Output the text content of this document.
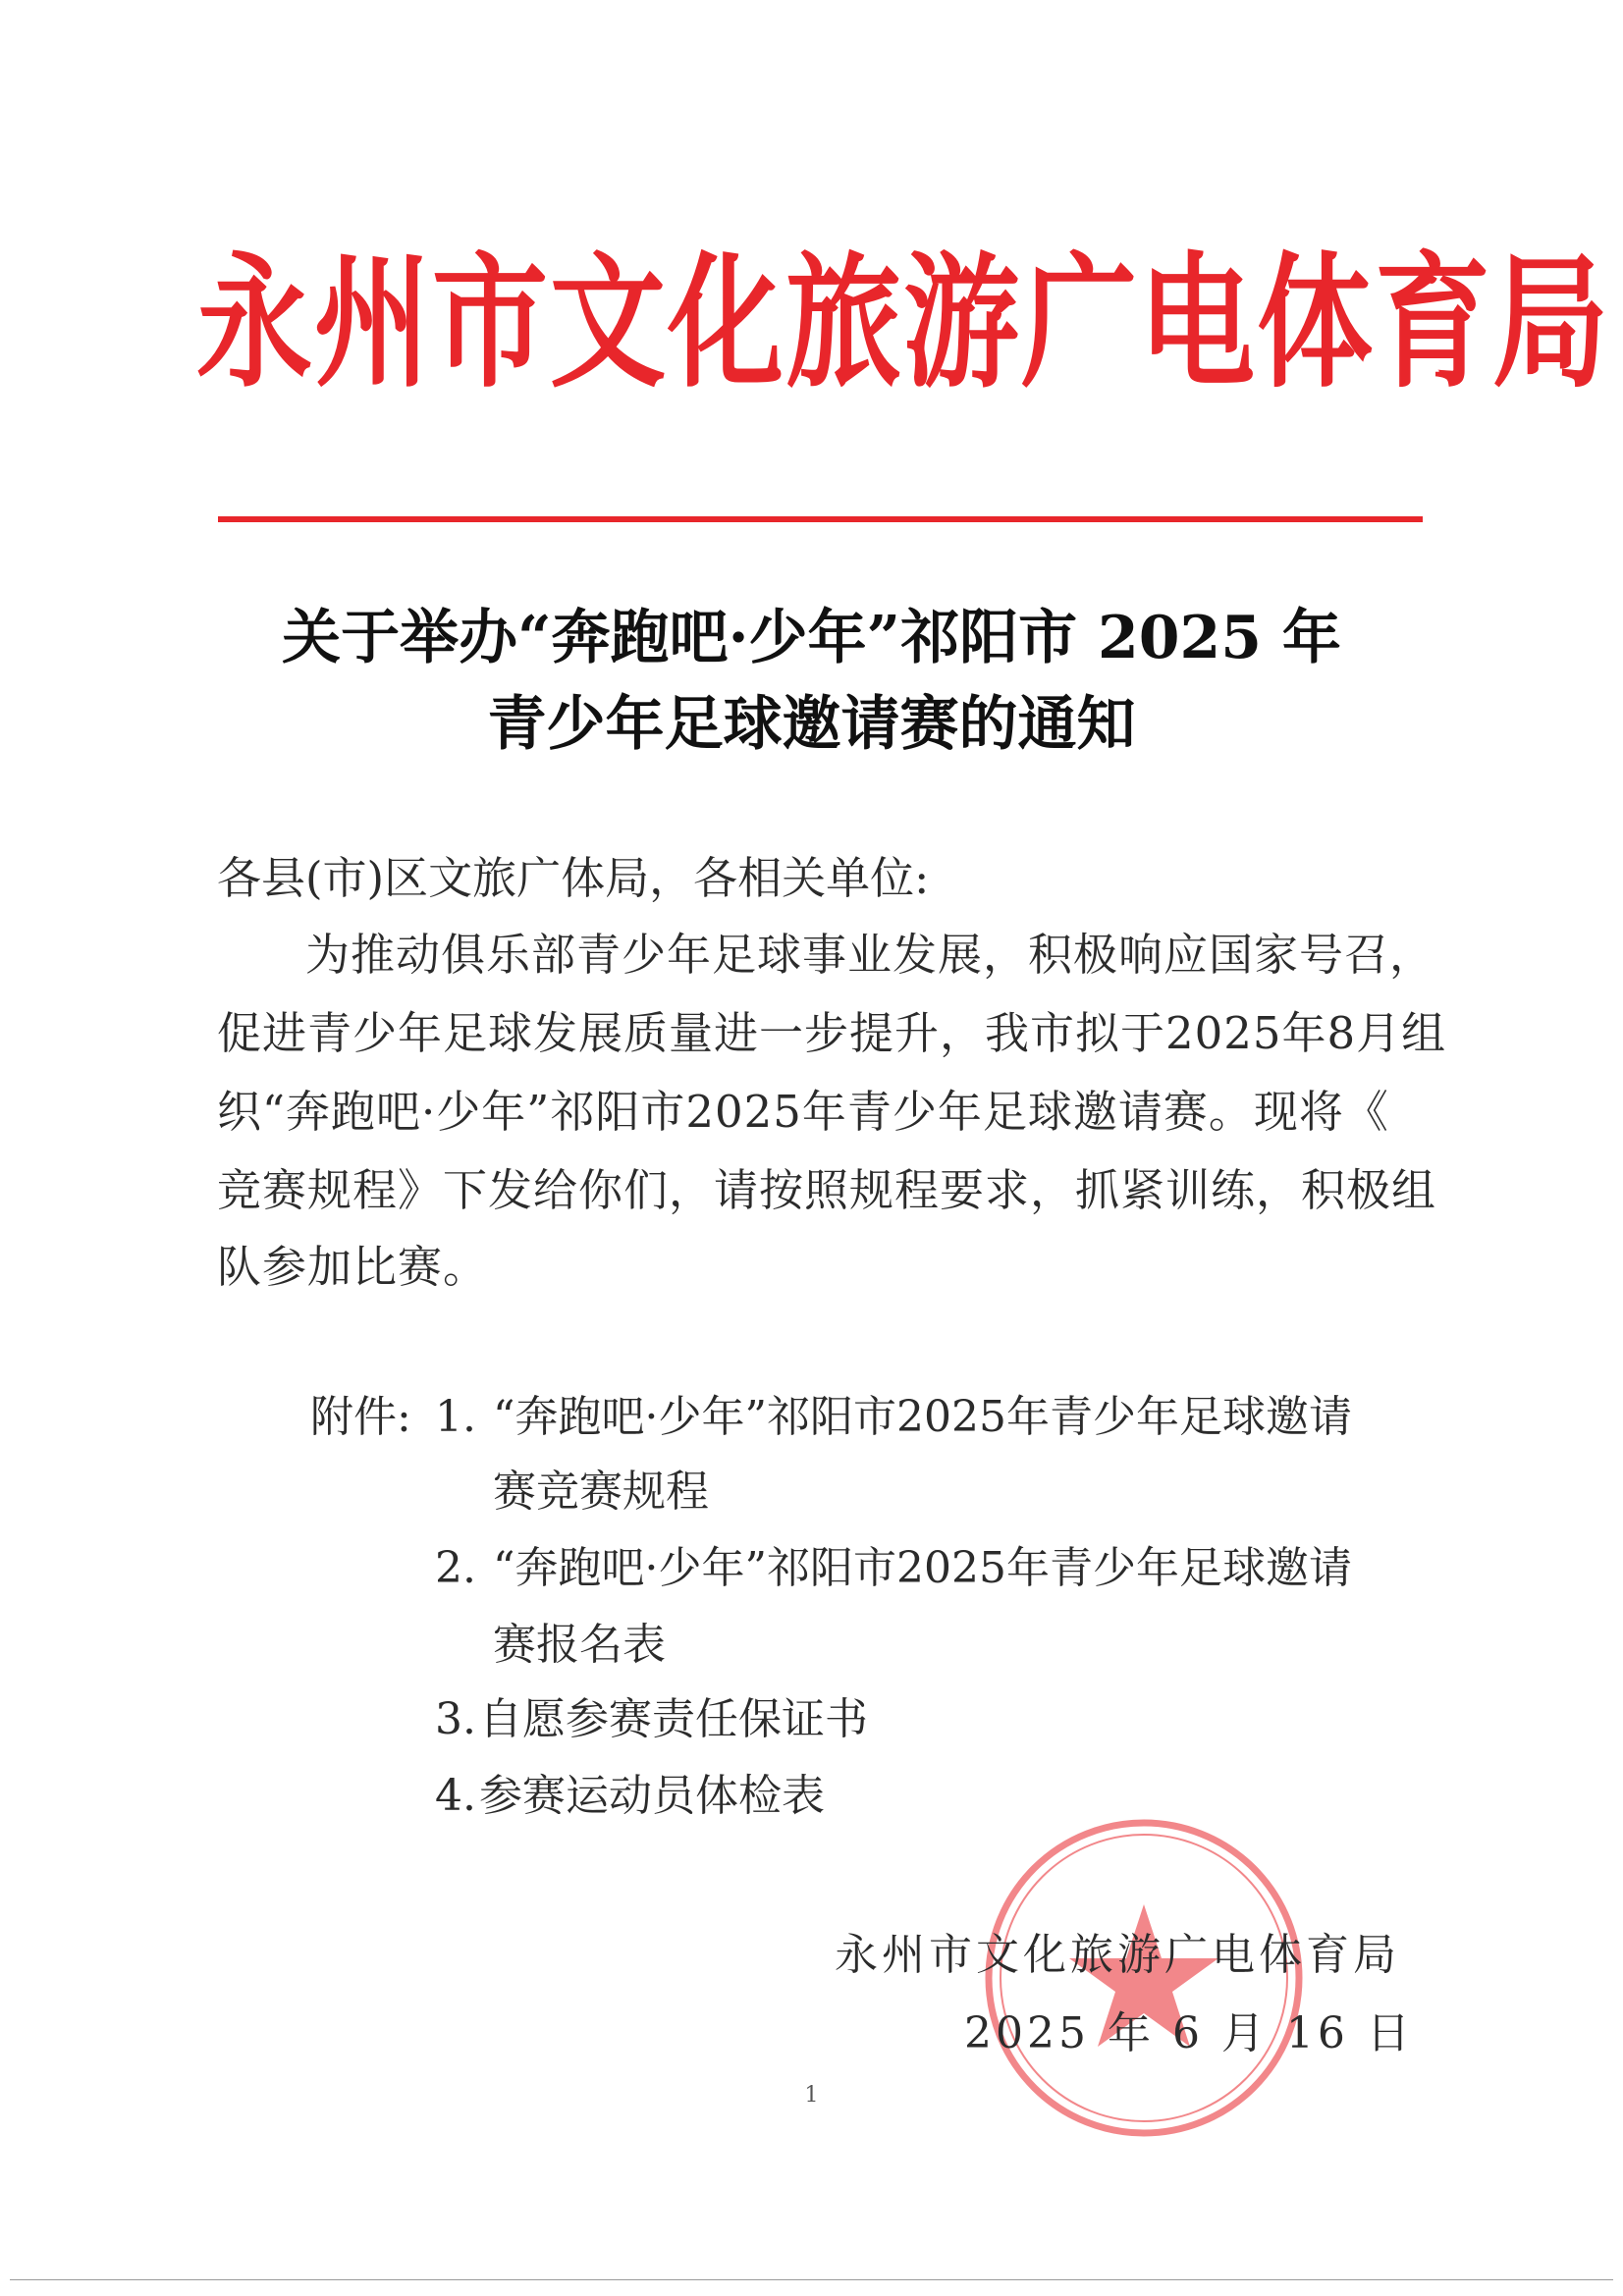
永州市文化旅游广电体育局
关于举办“奔跑吧·少年”祁阳市 2025 年
青少年足球邀请赛的通知
各县(市)区文旅广体局，各相关单位:
为推动俱乐部青少年足球事业发展，积极响应国家号召，
促进青少年足球发展质量进一步提升，我市拟于2025年8月组
织“奔跑吧·少年”祁阳市2025年青少年足球邀请赛。现将《
竞赛规程》下发给你们，请按照规程要求，抓紧训练，积极组
队参加比赛。
附件: 1. “奔跑吧·少年”祁阳市2025年青少年足球邀请
赛竞赛规程
2. “奔跑吧·少年”祁阳市2025年青少年足球邀请
赛报名表
3. 自愿参赛责任保证书
4. 参赛运动员体检表
永州市文化旅游广电体育局
2025 年 6 月 16 日
1
